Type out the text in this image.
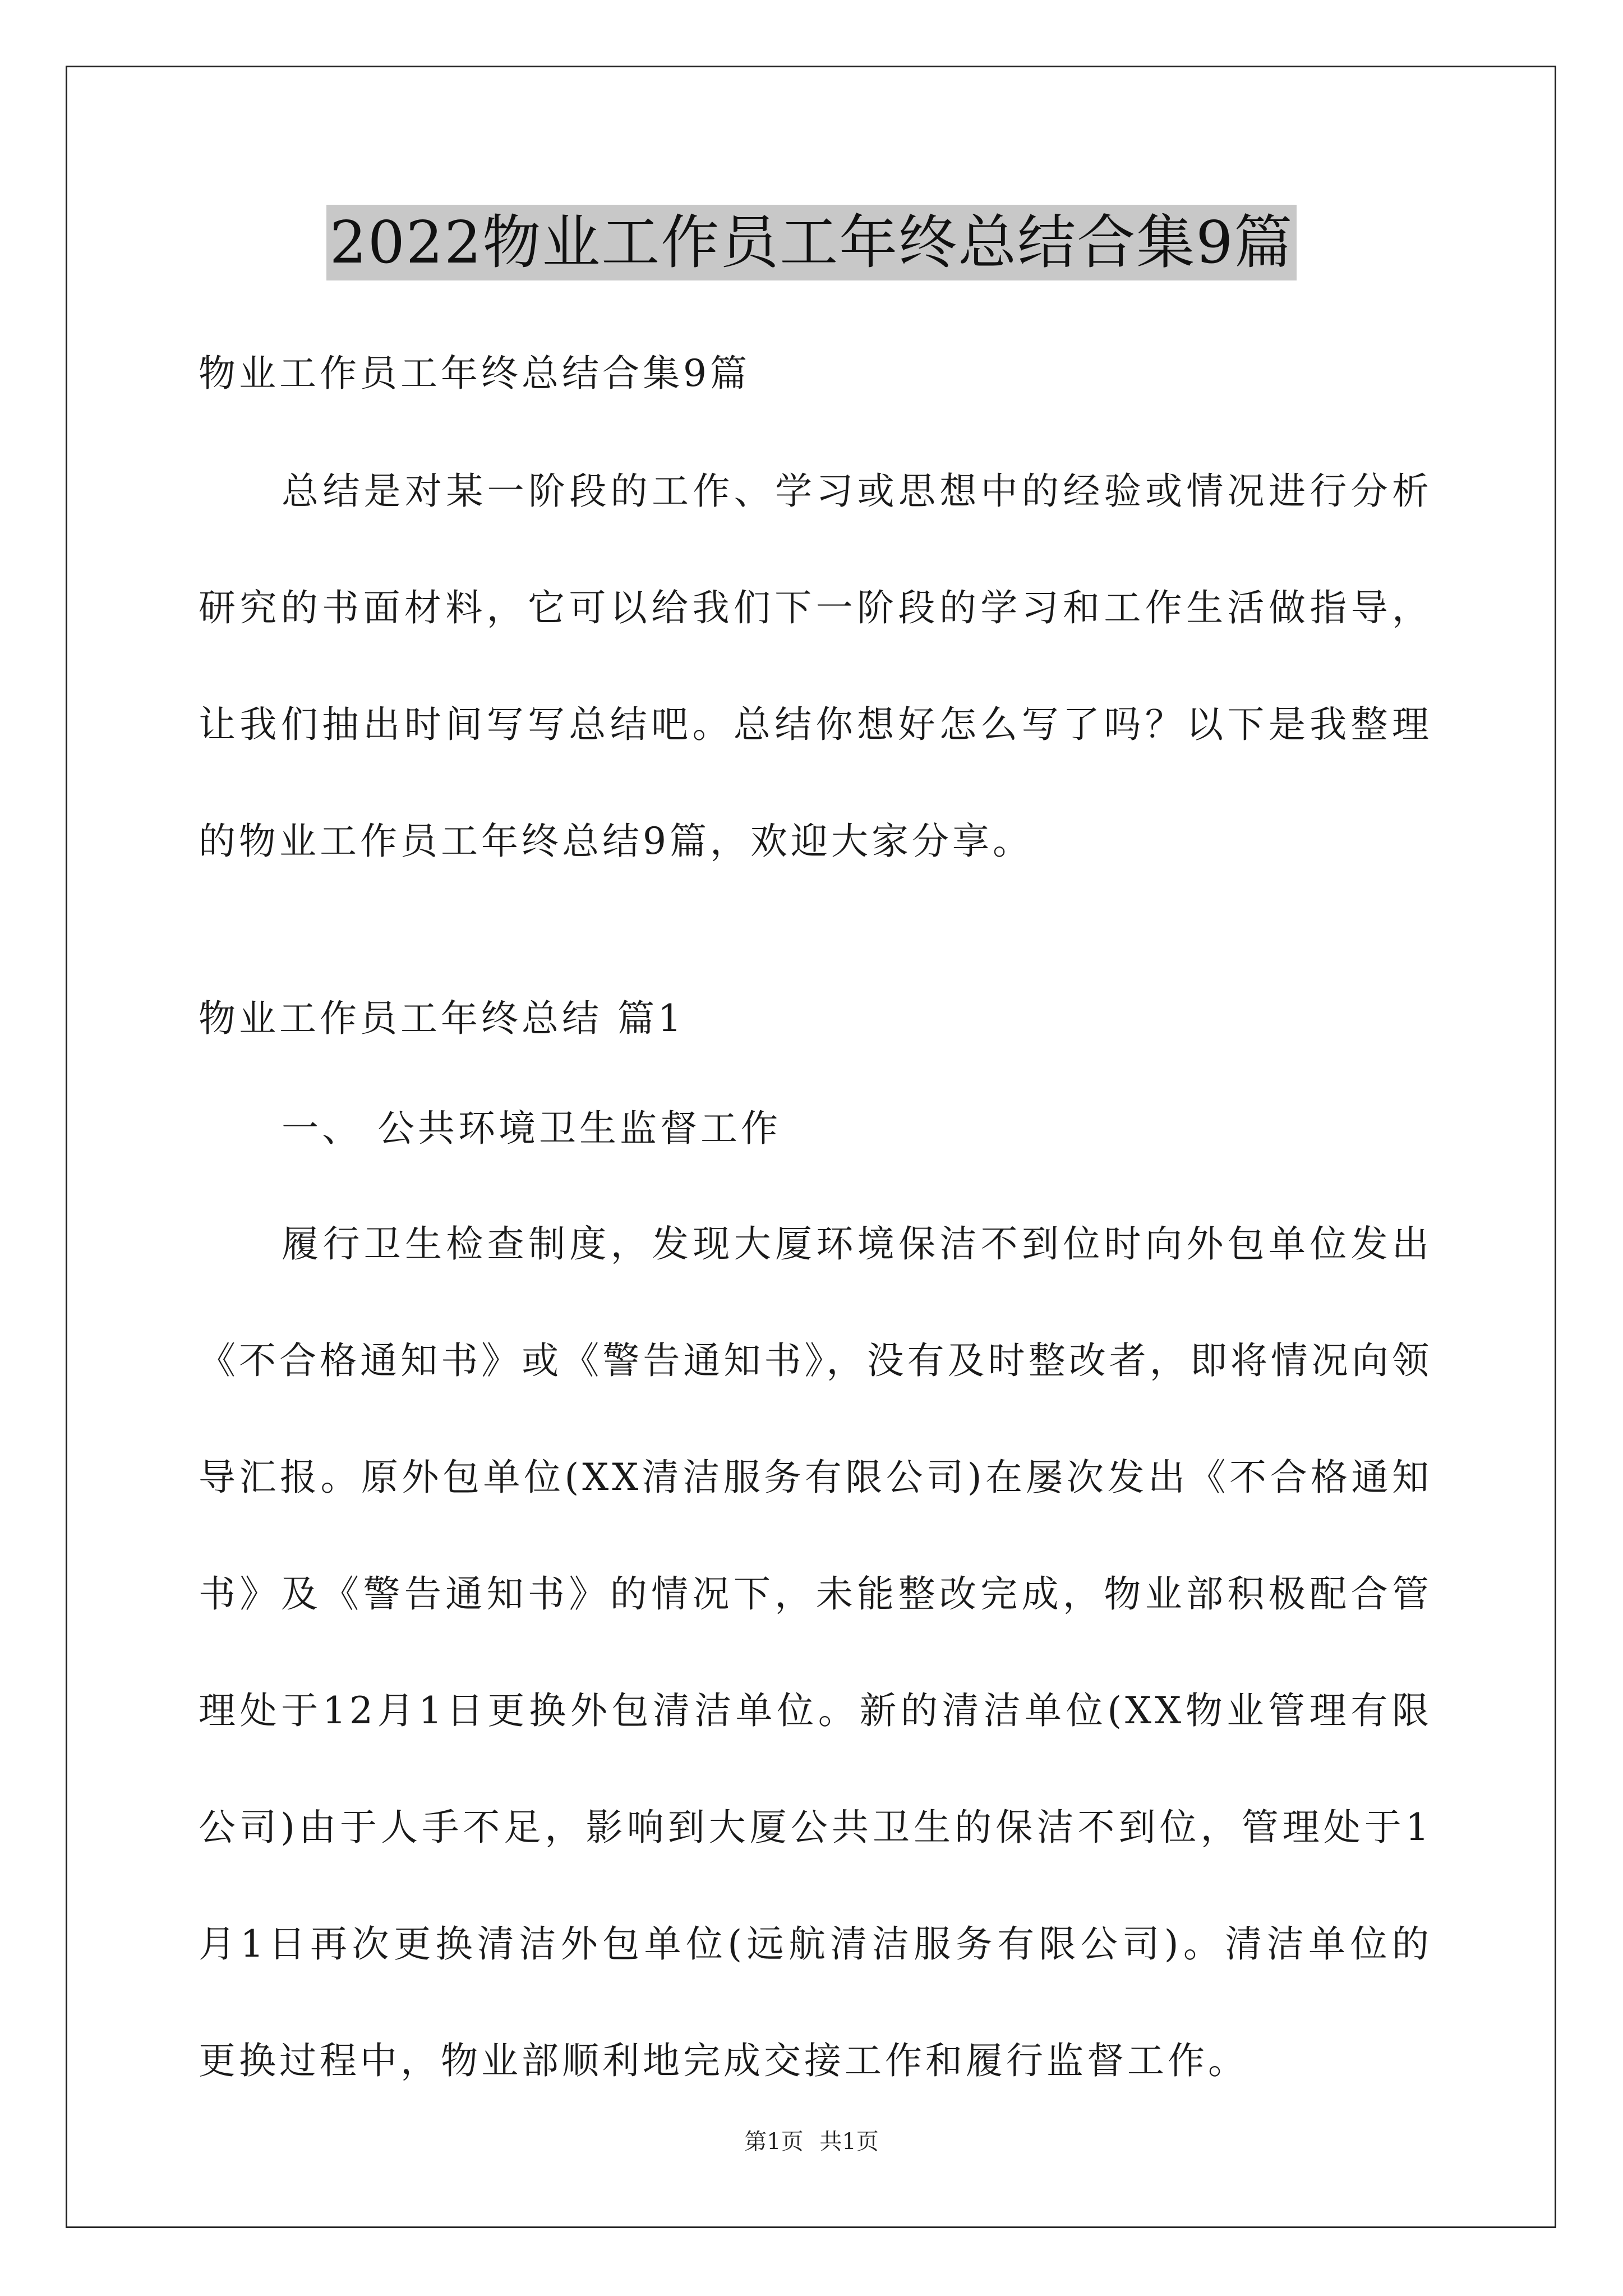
2022物业工作员工年终总结合集9篇

物业工作员工年终总结合集9篇

总结是对某一阶段的工作、学习或思想中的经验或情况进行分析

研究的书面材料，它可以给我们下一阶段的学习和工作生活做指导，

让我们抽出时间写写总结吧。总结你想好怎么写了吗？以下是我整理

的物业工作员工年终总结9篇，欢迎大家分享。

物业工作员工年终总结 篇1

一、 公共环境卫生监督工作

履行卫生检查制度，发现大厦环境保洁不到位时向外包单位发出

《不合格通知书》或《警告通知书》，没有及时整改者，即将情况向领

导汇报。原外包单位(XX清洁服务有限公司)在屡次发出《不合格通知

书》及《警告通知书》的情况下，未能整改完成，物业部积极配合管

理处于12月1日更换外包清洁单位。新的清洁单位(XX物业管理有限

公司)由于人手不足，影响到大厦公共卫生的保洁不到位，管理处于1

月1日再次更换清洁外包单位(远航清洁服务有限公司)。清洁单位的

更换过程中，物业部顺利地完成交接工作和履行监督工作。

第1页 共1页
